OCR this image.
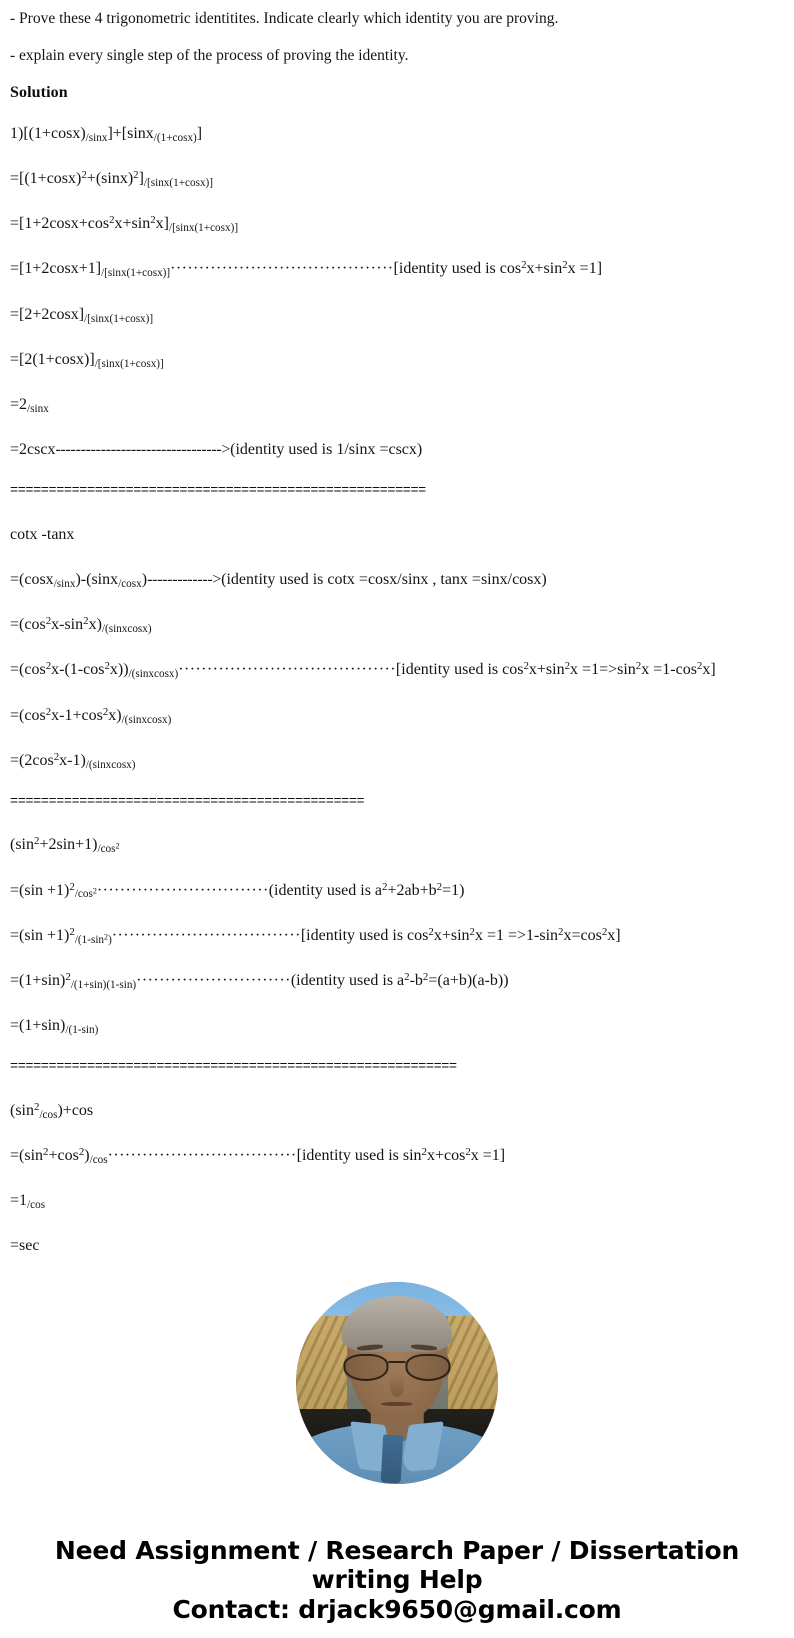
- Prove these 4 trigonometric identitites. Indicate clearly which identity you are proving.
- explain every single step of the process of proving the identity.
Solution
$1)[(1+\cos x)_{/sinx}]+[\sin x_{/(1+cosx)}]$
$=[(1+\cos x)^2+(\sin x)^2]_{/[sinx(1+cosx)]}$
$=[1+2\cos x+\cos^2x+\sin^2x]_{/[sinx(1+cosx)]}$
$=[1+2\cos x+1]_{/[sinx(1+cosx)]}\cdot\cdot\cdot\cdot\cdot\cdot\cdot\cdot\cdot\cdot\cdot\cdot\cdot\cdot\cdot\cdot\cdot\cdot\cdot\cdot\cdot\cdot\cdot\cdot\cdot\cdot\cdot\cdot\cdot\cdot\cdot\cdot\cdot\cdot\cdot\cdot\cdot\cdot\cdot[identity$ used is $\cos^2x+\sin^2x =1$]
$=[2+2\cos x]_{/[sinx(1+cosx)]}$
$=[2(1+\cos x)]_{/[sinx(1+cosx)]}$
$=2_{/sinx}$
=2cscx--------------------------------->(identity used is 1/sinx =cscx)
======================================================
cotx -tanx
=(cosx$_{/sinx}$)-(sinx$_{/cosx}$)------------->(identity used is cotx =cosx/sinx , tanx =sinx/cosx)
$=(\cos^2x-\sin^2x)_{/(sinxcosx)}$
$=(\cos^2x-(1-\cos^2x))_{/(sinxcosx)}\cdot\cdot\cdot\cdot\cdot\cdot\cdot\cdot\cdot\cdot\cdot\cdot\cdot\cdot\cdot\cdot\cdot\cdot\cdot\cdot\cdot\cdot\cdot\cdot\cdot\cdot\cdot\cdot\cdot\cdot\cdot\cdot\cdot\cdot\cdot\cdot\cdot\cdot[identity$ used is $\cos^2x+\sin^2x =1=>\sin^2x =1-\cos^2x$]
$=(\cos^2x-1+\cos^2x)_{/(sinxcosx)}$
$=(2\cos^2x-1)_{/(sinxcosx)}$
==============================================
$(\sin^2+2\sin+1)_{/cos^2}$
$=(\sin +1)^2_{/cos^2}\cdot\cdot\cdot\cdot\cdot\cdot\cdot\cdot\cdot\cdot\cdot\cdot\cdot\cdot\cdot\cdot\cdot\cdot\cdot\cdot\cdot\cdot\cdot\cdot\cdot\cdot\cdot\cdot\cdot\cdot(identity$ used is $a^2+2ab+b^2=1$)
$=(\sin +1)^2_{/(1-sin^2)}\cdot\cdot\cdot\cdot\cdot\cdot\cdot\cdot\cdot\cdot\cdot\cdot\cdot\cdot\cdot\cdot\cdot\cdot\cdot\cdot\cdot\cdot\cdot\cdot\cdot\cdot\cdot\cdot\cdot\cdot\cdot\cdot\cdot[identity$ used is $\cos^2x+\sin^2x =1 =>1-\sin^2x=\cos^2x$]
$=(1+\sin)^2_{/(1+sin)(1-sin)}\cdot\cdot\cdot\cdot\cdot\cdot\cdot\cdot\cdot\cdot\cdot\cdot\cdot\cdot\cdot\cdot\cdot\cdot\cdot\cdot\cdot\cdot\cdot\cdot\cdot\cdot\cdot(identity$ used is $a^2-b^2=(a+b)(a-b)$)
$=(1+\sin)_{/(1-sin)}$
==========================================================
$(\sin^2_{/cos})+\cos$
$=(\sin^2+\cos^2)_{/cos}\cdot\cdot\cdot\cdot\cdot\cdot\cdot\cdot\cdot\cdot\cdot\cdot\cdot\cdot\cdot\cdot\cdot\cdot\cdot\cdot\cdot\cdot\cdot\cdot\cdot\cdot\cdot\cdot\cdot\cdot\cdot\cdot\cdot[identity$ used is $\sin^2x+\cos^2x =1$]
$=1_{/cos}$
=sec
Need Assignment / Research Paper / Dissertation
writing Help
Contact: drjack9650@gmail.com
